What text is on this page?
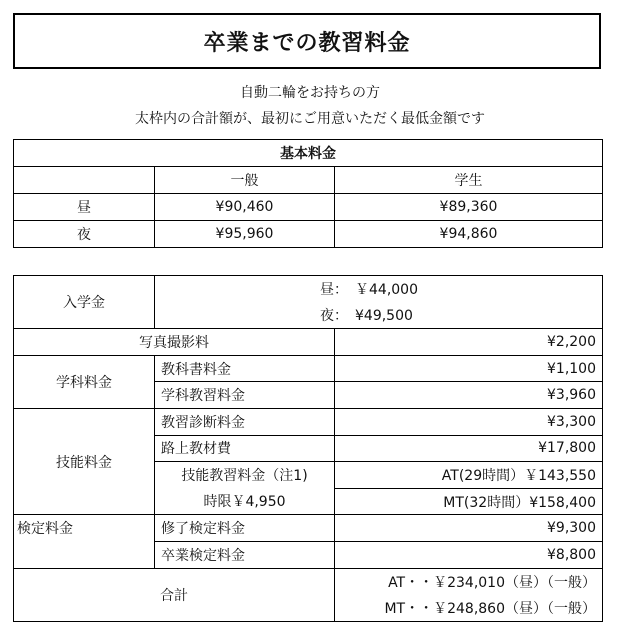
卒業までの教習料金
自動二輪をお持ちの方
太枠内の合計額が、最初にご用意いただく最低金額です
基本料金		
	一般	学生
昼	¥90,460	¥89,360
夜	¥95,960	¥94,860
入学金	昼：　￥44,000	
	夜：　¥49,500	
写真撮影料		¥2,200
学科料金	教科書料金	¥1,100
	学科教習料金	¥3,960
技能料金	教習診断料金	¥3,300
	路上教材費	¥17,800
	技能教習料金（注1)	AT(29時間）￥143,550
	時限￥4,950	MT(32時間）¥158,400
検定料金	修了検定料金	¥9,300
	卒業検定料金	¥8,800
合計		AT・・￥234,010（昼）（一般）
		MT・・￥248,860（昼）（一般）
